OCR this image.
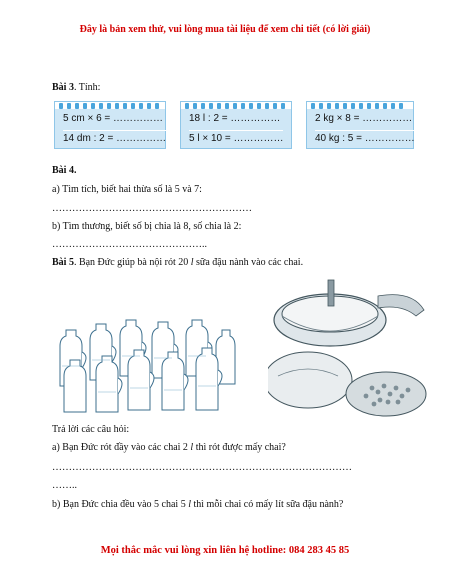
Đây là bản xem thử, vui lòng mua tài liệu để xem chi tiết (có lời giải)
Bài 3. Tính:
5 cm × 6 = ……………
14 dm : 2 = ……………
18 l : 2 = ……………
5 l × 10 = ……………
2 kg × 8 = ……………
40 kg : 5 = ……………
Bài 4.
a) Tìm tích, biết hai thừa số là 5 và 7:
……………………………………………………
b) Tìm thương, biết số bị chia là 8, số chia là 2:
………………………………………..
Bài 5. Bạn Đức giúp bà nội rót 20 l sữa đậu nành vào các chai.
Trả lời các câu hỏi:
a) Bạn Đức rót đầy vào các chai 2 l thì rót được mấy chai?
………………………………………………………………………………
……..
b) Bạn Đức chia đều vào 5 chai 5 l thì mỗi chai có mấy lít sữa đậu nành?
Mọi thắc mắc vui lòng xin liên hệ hotline: 084 283 45 85
